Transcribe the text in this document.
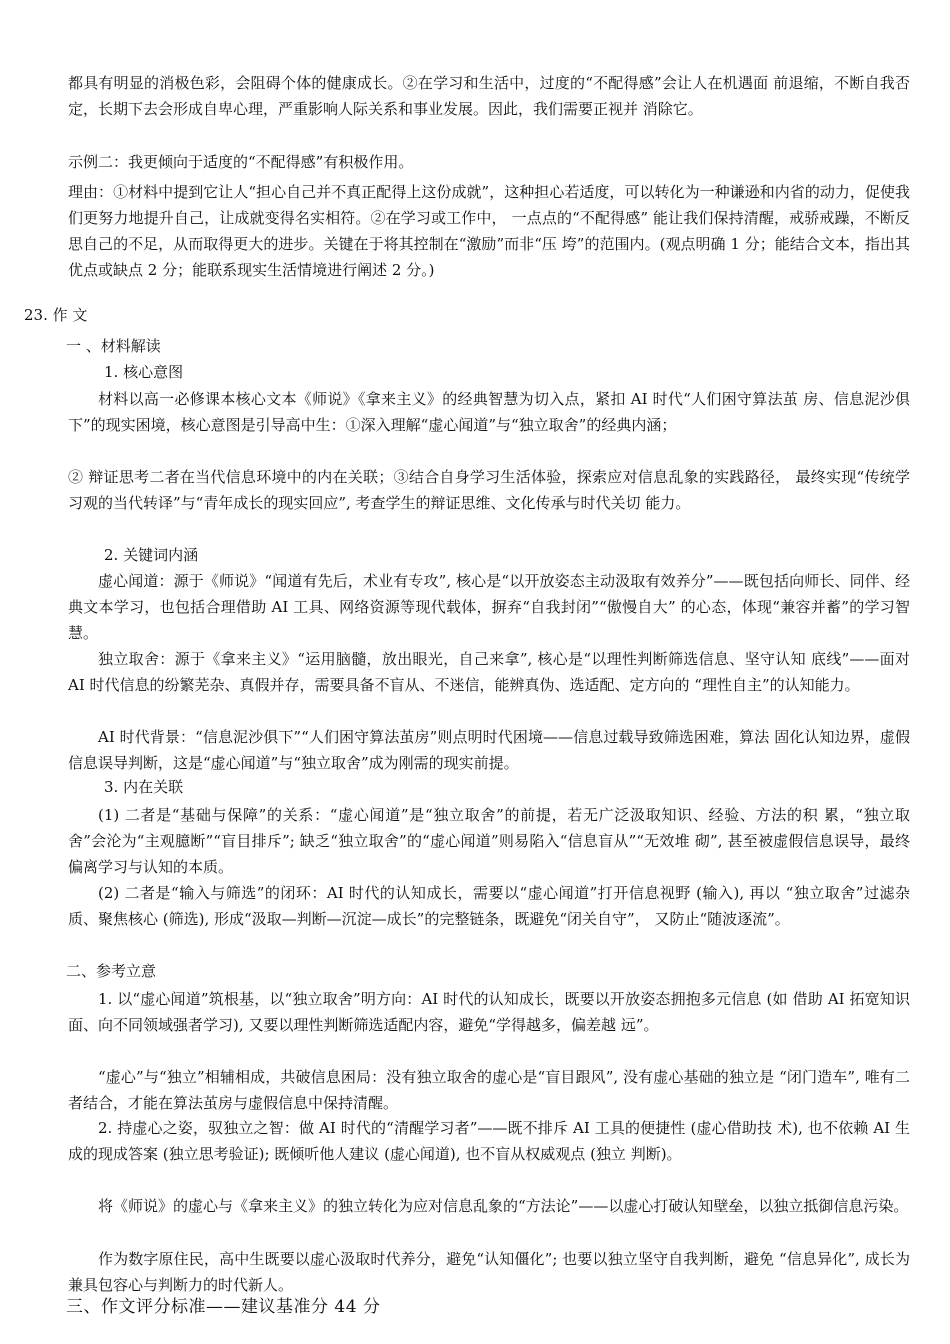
都具有明显的消极色彩，会阻碍个体的健康成长。②在学习和生活中，过度的“不配得感”会让人在机遇面 前退缩，不断自我否定，长期下去会形成自卑心理，严重影响人际关系和事业发展。因此，我们需要正视并 消除它。

示例二：我更倾向于适度的“不配得感”有积极作用。

理由：①材料中提到它让人“担心自己并不真正配得上这份成就”，这种担心若适度，可以转化为一种谦逊和内省的动力，促使我们更努力地提升自己，让成就变得名实相符。②在学习或工作中， 一点点的“不配得感” 能让我们保持清醒，戒骄戒躁，不断反思自己的不足，从而取得更大的进步。关键在于将其控制在“激励”而非“压 垮”的范围内。(观点明确 1 分；能结合文本，指出其优点或缺点 2 分；能联系现实生活情境进行阐述 2 分。)

23. 作 文

一 、材料解读

1. 核心意图

材料以高一必修课本核心文本《师说》《拿来主义》的经典智慧为切入点，紧扣 AI 时代“人们困守算法茧 房、信息泥沙俱下”的现实困境，核心意图是引导高中生：①深入理解“虚心闻道”与“独立取舍”的经典内涵；

② 辩证思考二者在当代信息环境中的内在关联；③结合自身学习生活体验，探索应对信息乱象的实践路径， 最终实现“传统学习观的当代转译”与“青年成长的现实回应”, 考查学生的辩证思维、文化传承与时代关切 能力。

2. 关键词内涵

虚心闻道：源于《师说》“闻道有先后，术业有专攻”, 核心是“以开放姿态主动汲取有效养分”——既包括向师长、同伴、经典文本学习，也包括合理借助 AI 工具、网络资源等现代载体，摒弃“自我封闭”“傲慢自大” 的心态，体现“兼容并蓄”的学习智慧。

独立取舍：源于《拿来主义》“运用脑髓，放出眼光，自己来拿”, 核心是“以理性判断筛选信息、坚守认知 底线”——面对 AI 时代信息的纷繁芜杂、真假并存，需要具备不盲从、不迷信，能辨真伪、选适配、定方向的 “理性自主”的认知能力。

AI 时代背景：“信息泥沙俱下”“人们困守算法茧房”则点明时代困境——信息过载导致筛选困难，算法 固化认知边界，虚假信息误导判断，这是“虚心闻道”与“独立取舍”成为刚需的现实前提。

3. 内在关联

(1) 二者是“基础与保障”的关系：“虚心闻道”是“独立取舍”的前提，若无广泛汲取知识、经验、方法的积 累，“独立取舍”会沦为“主观臆断”“盲目排斥”; 缺乏“独立取舍”的“虚心闻道”则易陷入“信息盲从”“无效堆 砌”, 甚至被虚假信息误导，最终偏离学习与认知的本质。

(2) 二者是“输入与筛选”的闭环：AI 时代的认知成长，需要以“虚心闻道”打开信息视野 (输入), 再以 “独立取舍”过滤杂质、聚焦核心 (筛选), 形成“汲取—判断—沉淀—成长”的完整链条，既避免“闭关自守”， 又防止“随波逐流”。

二、参考立意

1. 以“虚心闻道”筑根基，以“独立取舍”明方向：AI 时代的认知成长，既要以开放姿态拥抱多元信息 (如 借助 AI 拓宽知识面、向不同领域强者学习), 又要以理性判断筛选适配内容，避免“学得越多，偏差越 远”。

“虚心”与“独立”相辅相成，共破信息困局：没有独立取舍的虚心是“盲目跟风”, 没有虚心基础的独立是 “闭门造车”, 唯有二者结合，才能在算法茧房与虚假信息中保持清醒。

2. 持虚心之姿，驭独立之智：做 AI 时代的“清醒学习者”——既不排斥 AI 工具的便捷性 (虚心借助技 术), 也不依赖 AI 生成的现成答案 (独立思考验证); 既倾听他人建议 (虚心闻道), 也不盲从权威观点 (独立 判断)。

将《师说》的虚心与《拿来主义》的独立转化为应对信息乱象的“方法论”——以虚心打破认知壁垒，以独立抵御信息污染。

作为数字原住民，高中生既要以虚心汲取时代养分，避免“认知僵化”; 也要以独立坚守自我判断，避免 “信息异化”, 成长为兼具包容心与判断力的时代新人。

三、作文评分标准——建议基准分 44 分
